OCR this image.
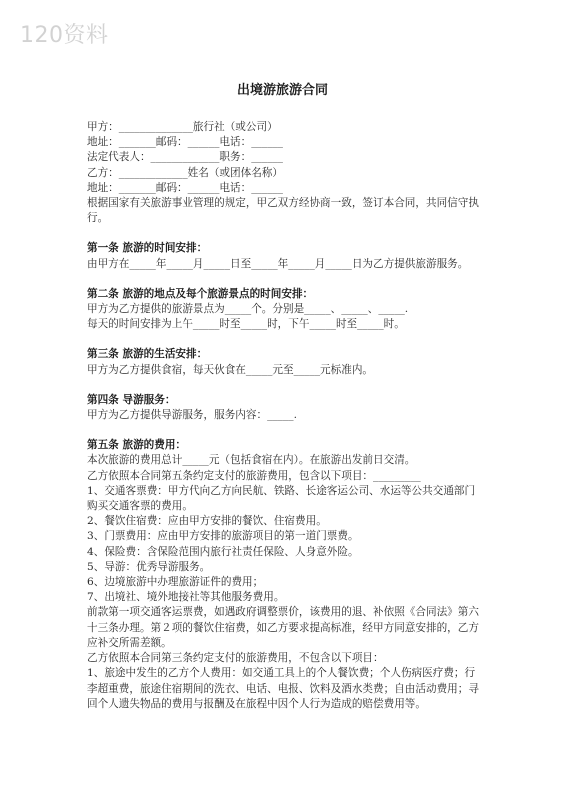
120资料
出境游旅游合同

甲方：______________旅行社（或公司）

地址：_______邮码：______电话：______

法定代表人：_____________职务：______

乙方：_____________姓名（或团体名称）

地址：_______邮码：______电话：______

根据国家有关旅游事业管理的规定，甲乙双方经协商一致，签订本合同，共同信守执行。

第一条 旅游的时间安排：

由甲方在_____年_____月_____日至_____年_____月_____日为乙方提供旅游服务。

第二条 旅游的地点及每个旅游景点的时间安排：

甲方为乙方提供的旅游景点为_____个。分别是_____、_____、_____.

每天的时间安排为上午_____时至_____时，下午_____时至_____时。

第三条 旅游的生活安排：

甲方为乙方提供食宿，每天伙食在_____元至_____元标准内。

第四条 导游服务：

甲方为乙方提供导游服务，服务内容：_____.

第五条 旅游的费用：

本次旅游的费用总计_____元（包括食宿在内）。在旅游出发前日交清。

乙方依照本合同第五条约定支付的旅游费用，包含以下项目：_________

1、交通客票费：甲方代向乙方向民航、铁路、长途客运公司、水运等公共交通部门购买交通客票的费用。

2、餐饮住宿费：应由甲方安排的餐饮、住宿费用。

3、门票费用：应由甲方安排的旅游项目的第一道门票费。

4、保险费：含保险范围内旅行社责任保险、人身意外险。

5、导游：优秀导游服务。

6、边境旅游中办理旅游证件的费用；

7、出境社、境外地接社等其他服务费用。

前款第一项交通客运票费，如遇政府调整票价，该费用的退、补依照《合同法》第六十三条办理。第２项的餐饮住宿费，如乙方要求提高标准，经甲方同意安排的，乙方应补交所需差额。

乙方依照本合同第三条约定支付的旅游费用，不包含以下项目：

1、旅途中发生的乙方个人费用：如交通工具上的个人餐饮费；个人伤病医疗费；行李超重费，旅途住宿期间的洗衣、电话、电报、饮料及酒水类费；自由活动费用；寻回个人遗失物品的费用与报酬及在旅程中因个人行为造成的赔偿费用等。
